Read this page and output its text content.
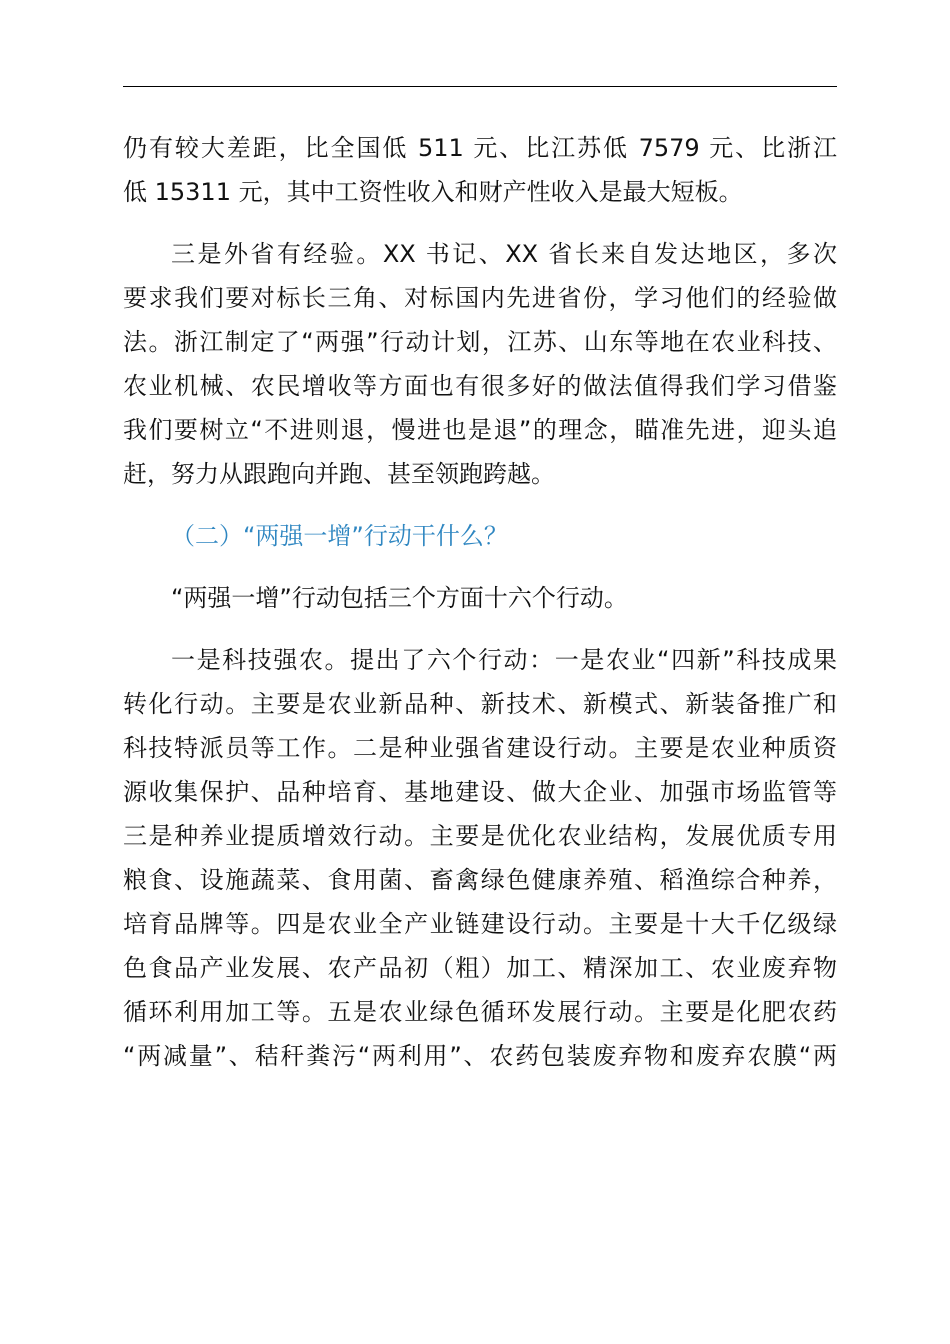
仍有较大差距，比全国低 511 元、比江苏低 7579 元、比浙江
低 15311 元，其中工资性收入和财产性收入是最大短板。
三是外省有经验。XX 书记、XX 省长来自发达地区，多次
要求我们要对标长三角、对标国内先进省份，学习他们的经验做
法。浙江制定了“两强”行动计划，江苏、山东等地在农业科技、
农业机械、农民增收等方面也有很多好的做法值得我们学习借鉴
我们要树立“不进则退，慢进也是退”的理念，瞄准先进，迎头追
赶，努力从跟跑向并跑、甚至领跑跨越。
（二）“两强一增”行动干什么？
“两强一增”行动包括三个方面十六个行动。
一是科技强农。提出了六个行动：一是农业“四新”科技成果
转化行动。主要是农业新品种、新技术、新模式、新装备推广和
科技特派员等工作。二是种业强省建设行动。主要是农业种质资
源收集保护、品种培育、基地建设、做大企业、加强市场监管等
三是种养业提质增效行动。主要是优化农业结构，发展优质专用
粮食、设施蔬菜、食用菌、畜禽绿色健康养殖、稻渔综合种养，
培育品牌等。四是农业全产业链建设行动。主要是十大千亿级绿
色食品产业发展、农产品初（粗）加工、精深加工、农业废弃物
循环利用加工等。五是农业绿色循环发展行动。主要是化肥农药
“两减量”、秸秆粪污“两利用”、农药包装废弃物和废弃农膜“两
